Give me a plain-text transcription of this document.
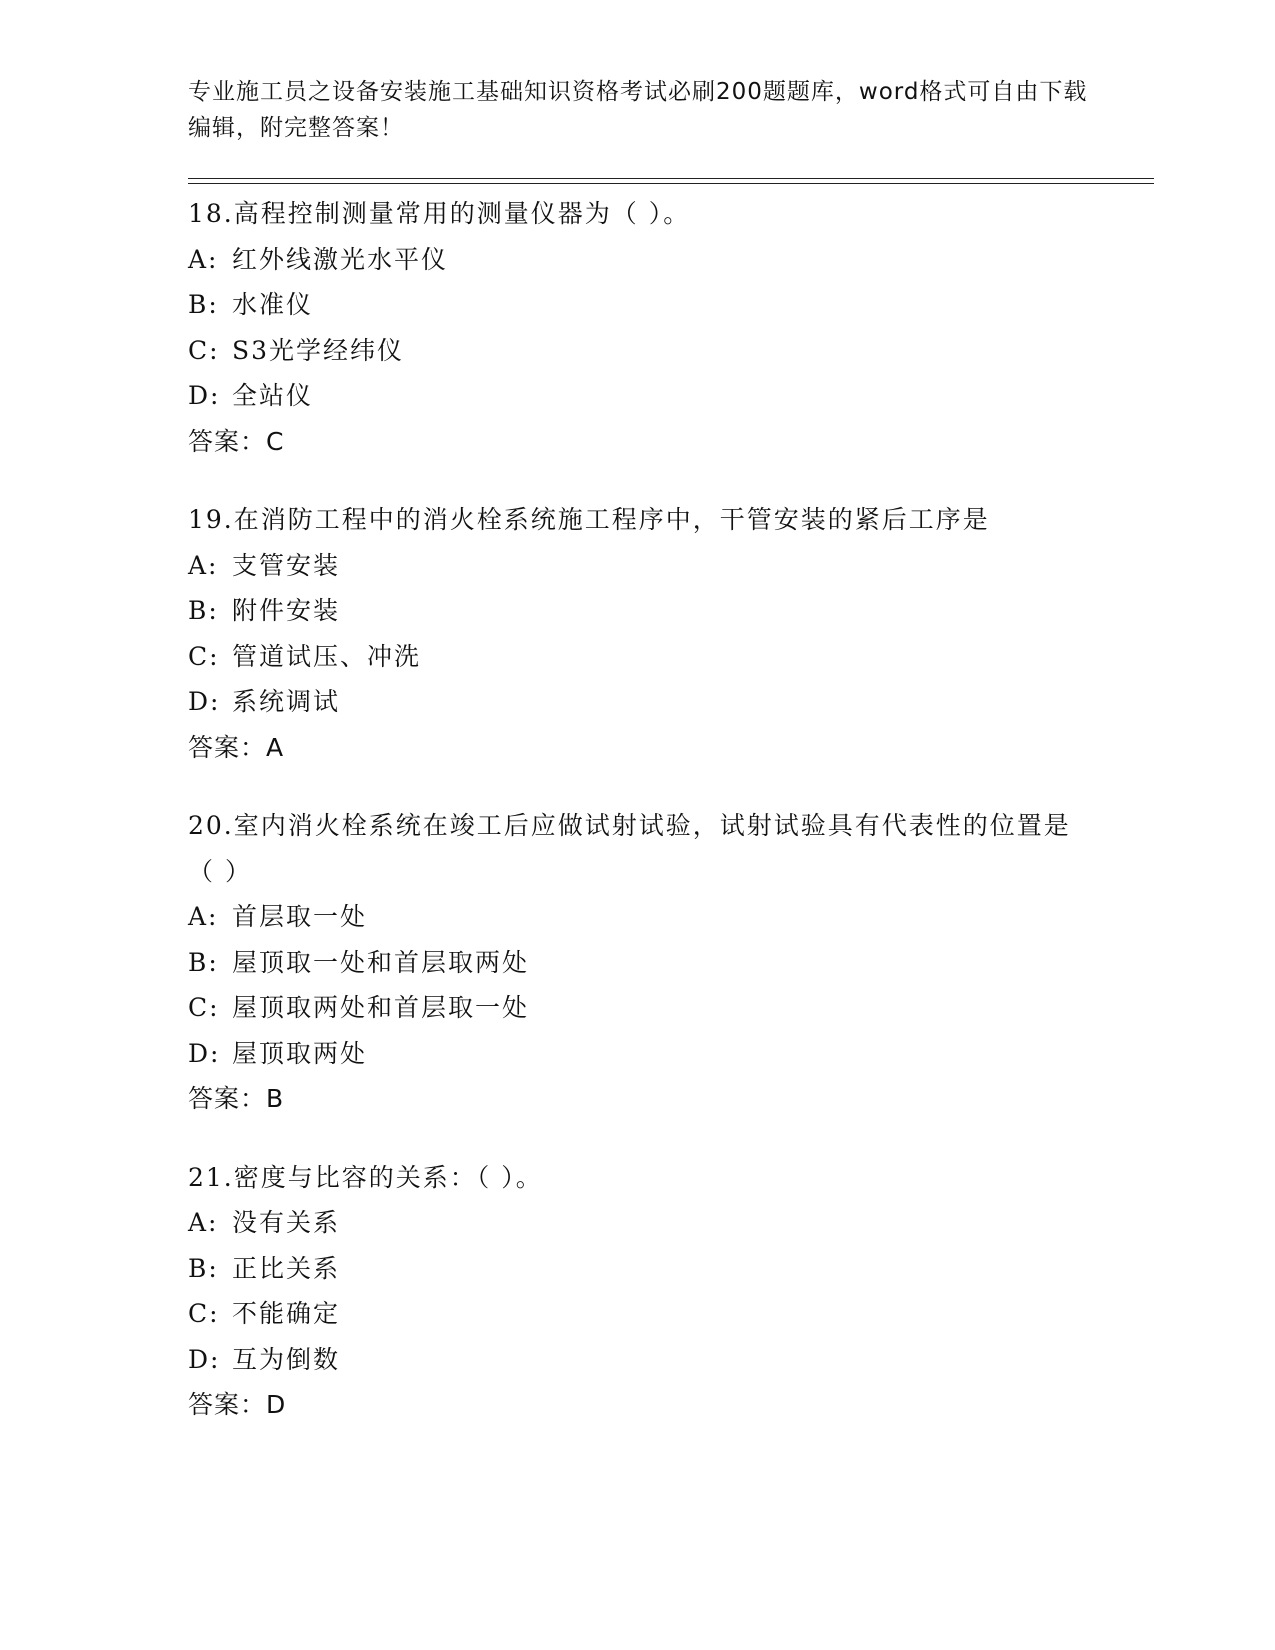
专业施工员之设备安装施工基础知识资格考试必刷200题题库，word格式可自由下载编辑，附完整答案！
18.高程控制测量常用的测量仪器为（ ）。
A: 红外线激光水平仪
B: 水准仪
C: S3光学经纬仪
D: 全站仪
答案：C
19.在消防工程中的消火栓系统施工程序中，干管安装的紧后工序是
A: 支管安装
B: 附件安装
C: 管道试压、冲洗
D: 系统调试
答案：A
20.室内消火栓系统在竣工后应做试射试验，试射试验具有代表性的位置是（ ）
A: 首层取一处
B: 屋顶取一处和首层取两处
C: 屋顶取两处和首层取一处
D: 屋顶取两处
答案：B
21.密度与比容的关系：（ ）。
A: 没有关系
B: 正比关系
C: 不能确定
D: 互为倒数
答案：D
